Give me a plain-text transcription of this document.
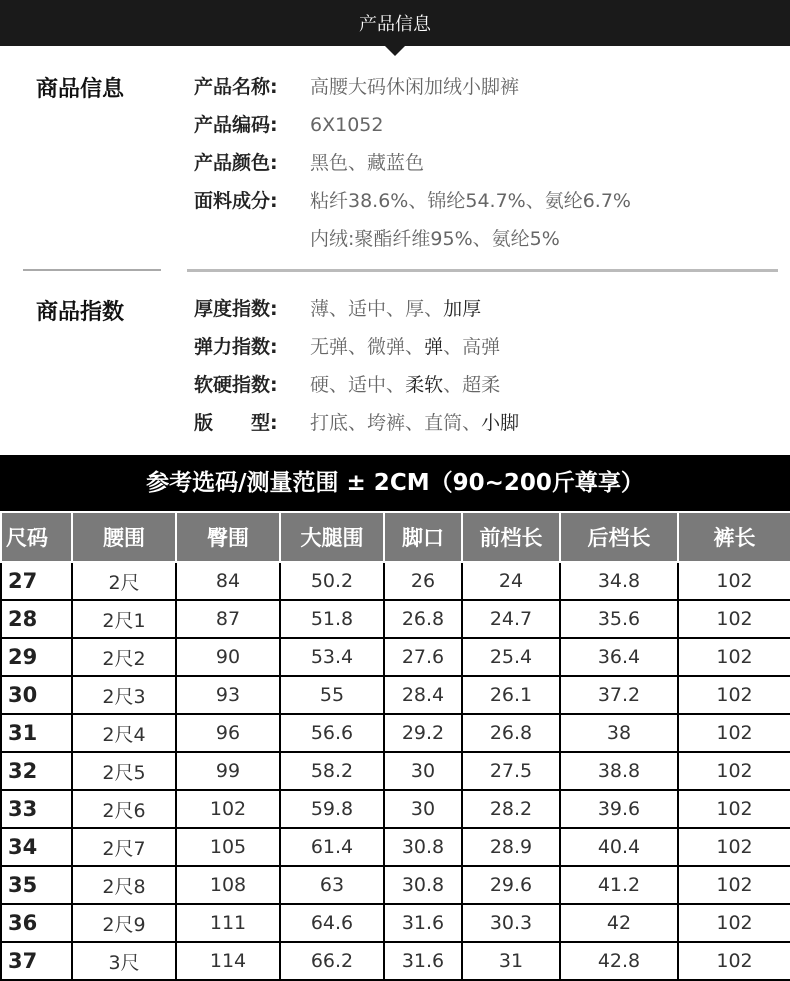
产品信息
商品信息	产品名称: 高腰大码休闲加绒小脚裤
产品编码: 6X1052
产品颜色: 黑色、藏蓝色
面料成分: 粘纤38.6%、锦纶54.7%、氨纶6.7%
内绒:聚酯纤维95%、氨纶5%
商品指数	厚度指数: 薄、适中、厚、加厚
弹力指数: 无弹、微弹、弹、高弹
软硬指数: 硬、适中、柔软、超柔
版　　型: 打底、垮裤、直筒、小脚
参考选码/测量范围 ± 2CM（90~200斤尊享）
尺码	腰围	臀围	大腿围	脚口	前档长	后档长	裤长
27	2尺	84	50.2	26	24	34.8	102
28	2尺1	87	51.8	26.8	24.7	35.6	102
29	2尺2	90	53.4	27.6	25.4	36.4	102
30	2尺3	93	55	28.4	26.1	37.2	102
31	2尺4	96	56.6	29.2	26.8	38	102
32	2尺5	99	58.2	30	27.5	38.8	102
33	2尺6	102	59.8	30	28.2	39.6	102
34	2尺7	105	61.4	30.8	28.9	40.4	102
35	2尺8	108	63	30.8	29.6	41.2	102
36	2尺9	111	64.6	31.6	30.3	42	102
37	3尺	114	66.2	31.6	31	42.8	102
